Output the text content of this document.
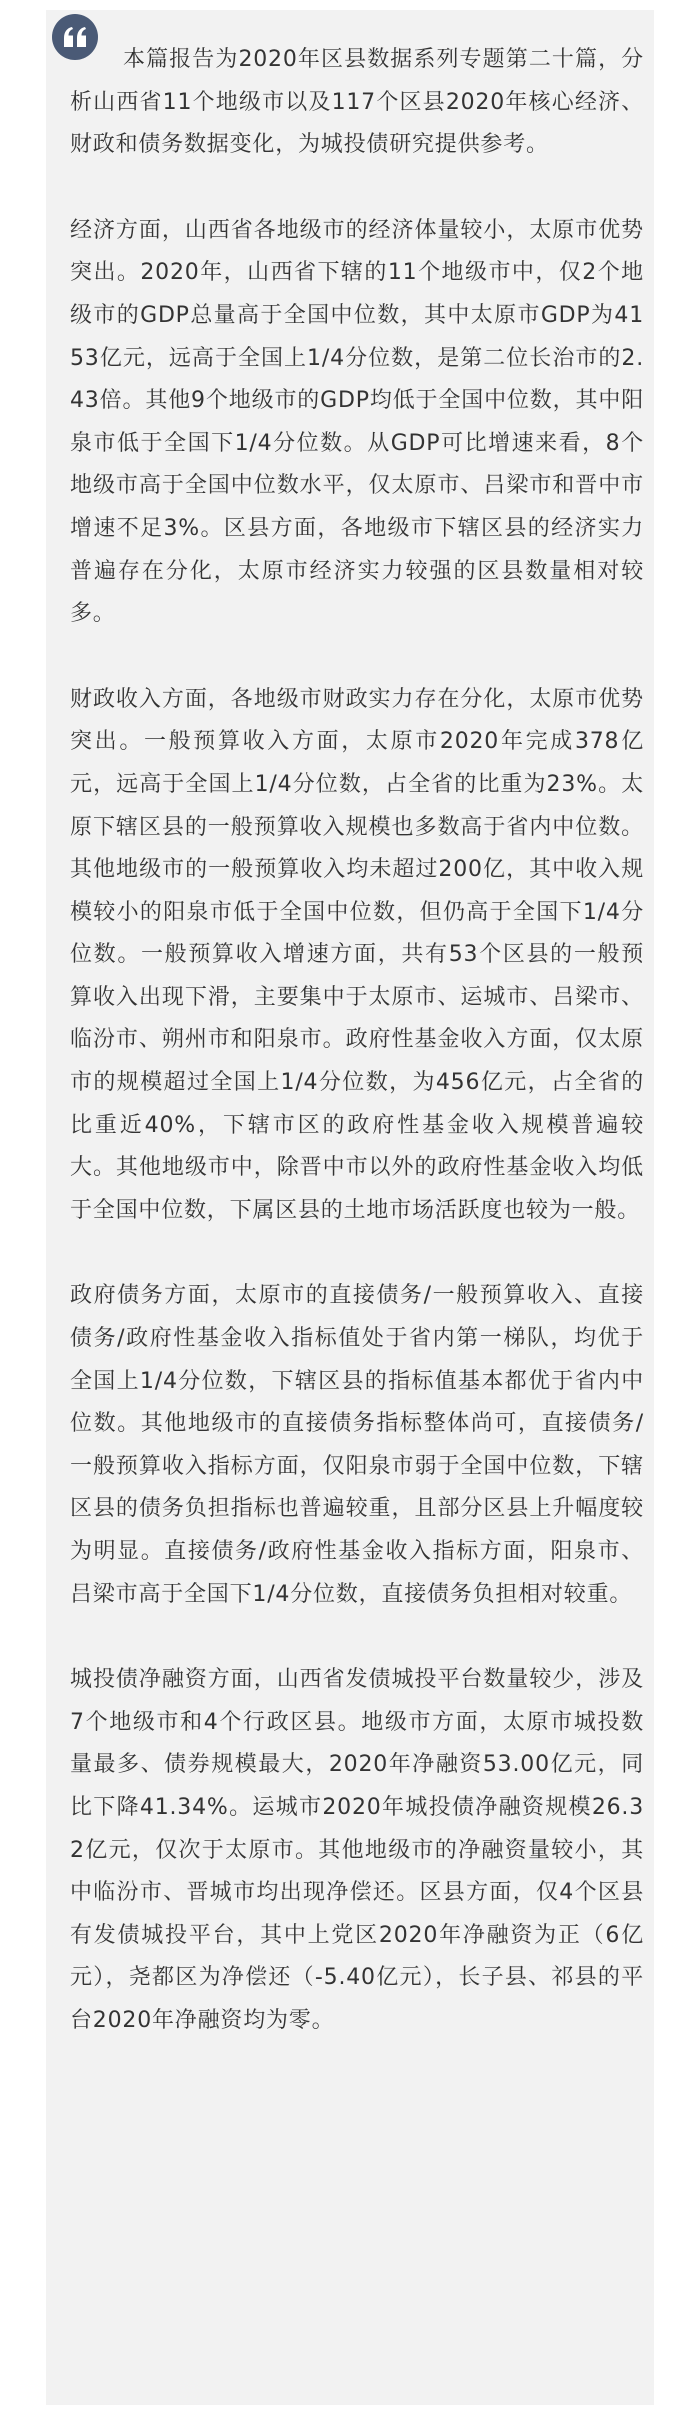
本篇报告为2020年区县数据系列专题第二十篇，分析山西省11个地级市以及117个区县2020年核心经济、财政和债务数据变化，为城投债研究提供参考。

经济方面，山西省各地级市的经济体量较小，太原市优势突出。2020年，山西省下辖的11个地级市中，仅2个地级市的GDP总量高于全国中位数，其中太原市GDP为4153亿元，远高于全国上1/4分位数，是第二位长治市的2.43倍。其他9个地级市的GDP均低于全国中位数，其中阳泉市低于全国下1/4分位数。从GDP可比增速来看，8个地级市高于全国中位数水平，仅太原市、吕梁市和晋中市增速不足3%。区县方面，各地级市下辖区县的经济实力普遍存在分化，太原市经济实力较强的区县数量相对较多。

财政收入方面，各地级市财政实力存在分化，太原市优势突出。一般预算收入方面，太原市2020年完成378亿元，远高于全国上1/4分位数，占全省的比重为23%。太原下辖区县的一般预算收入规模也多数高于省内中位数。其他地级市的一般预算收入均未超过200亿，其中收入规模较小的阳泉市低于全国中位数，但仍高于全国下1/4分位数。一般预算收入增速方面，共有53个区县的一般预算收入出现下滑，主要集中于太原市、运城市、吕梁市、临汾市、朔州市和阳泉市。政府性基金收入方面，仅太原市的规模超过全国上1/4分位数，为456亿元，占全省的比重近40%，下辖市区的政府性基金收入规模普遍较大。其他地级市中，除晋中市以外的政府性基金收入均低于全国中位数，下属区县的土地市场活跃度也较为一般。

政府债务方面，太原市的直接债务/一般预算收入、直接债务/政府性基金收入指标值处于省内第一梯队，均优于全国上1/4分位数，下辖区县的指标值基本都优于省内中位数。其他地级市的直接债务指标整体尚可，直接债务/一般预算收入指标方面，仅阳泉市弱于全国中位数，下辖区县的债务负担指标也普遍较重，且部分区县上升幅度较为明显。直接债务/政府性基金收入指标方面，阳泉市、吕梁市高于全国下1/4分位数，直接债务负担相对较重。

城投债净融资方面，山西省发债城投平台数量较少，涉及7个地级市和4个行政区县。地级市方面，太原市城投数量最多、债券规模最大，2020年净融资53.00亿元，同比下降41.34%。运城市2020年城投债净融资规模26.32亿元，仅次于太原市。其他地级市的净融资量较小，其中临汾市、晋城市均出现净偿还。区县方面，仅4个区县有发债城投平台，其中上党区2020年净融资为正（6亿元），尧都区为净偿还（-5.40亿元），长子县、祁县的平台2020年净融资均为零。
